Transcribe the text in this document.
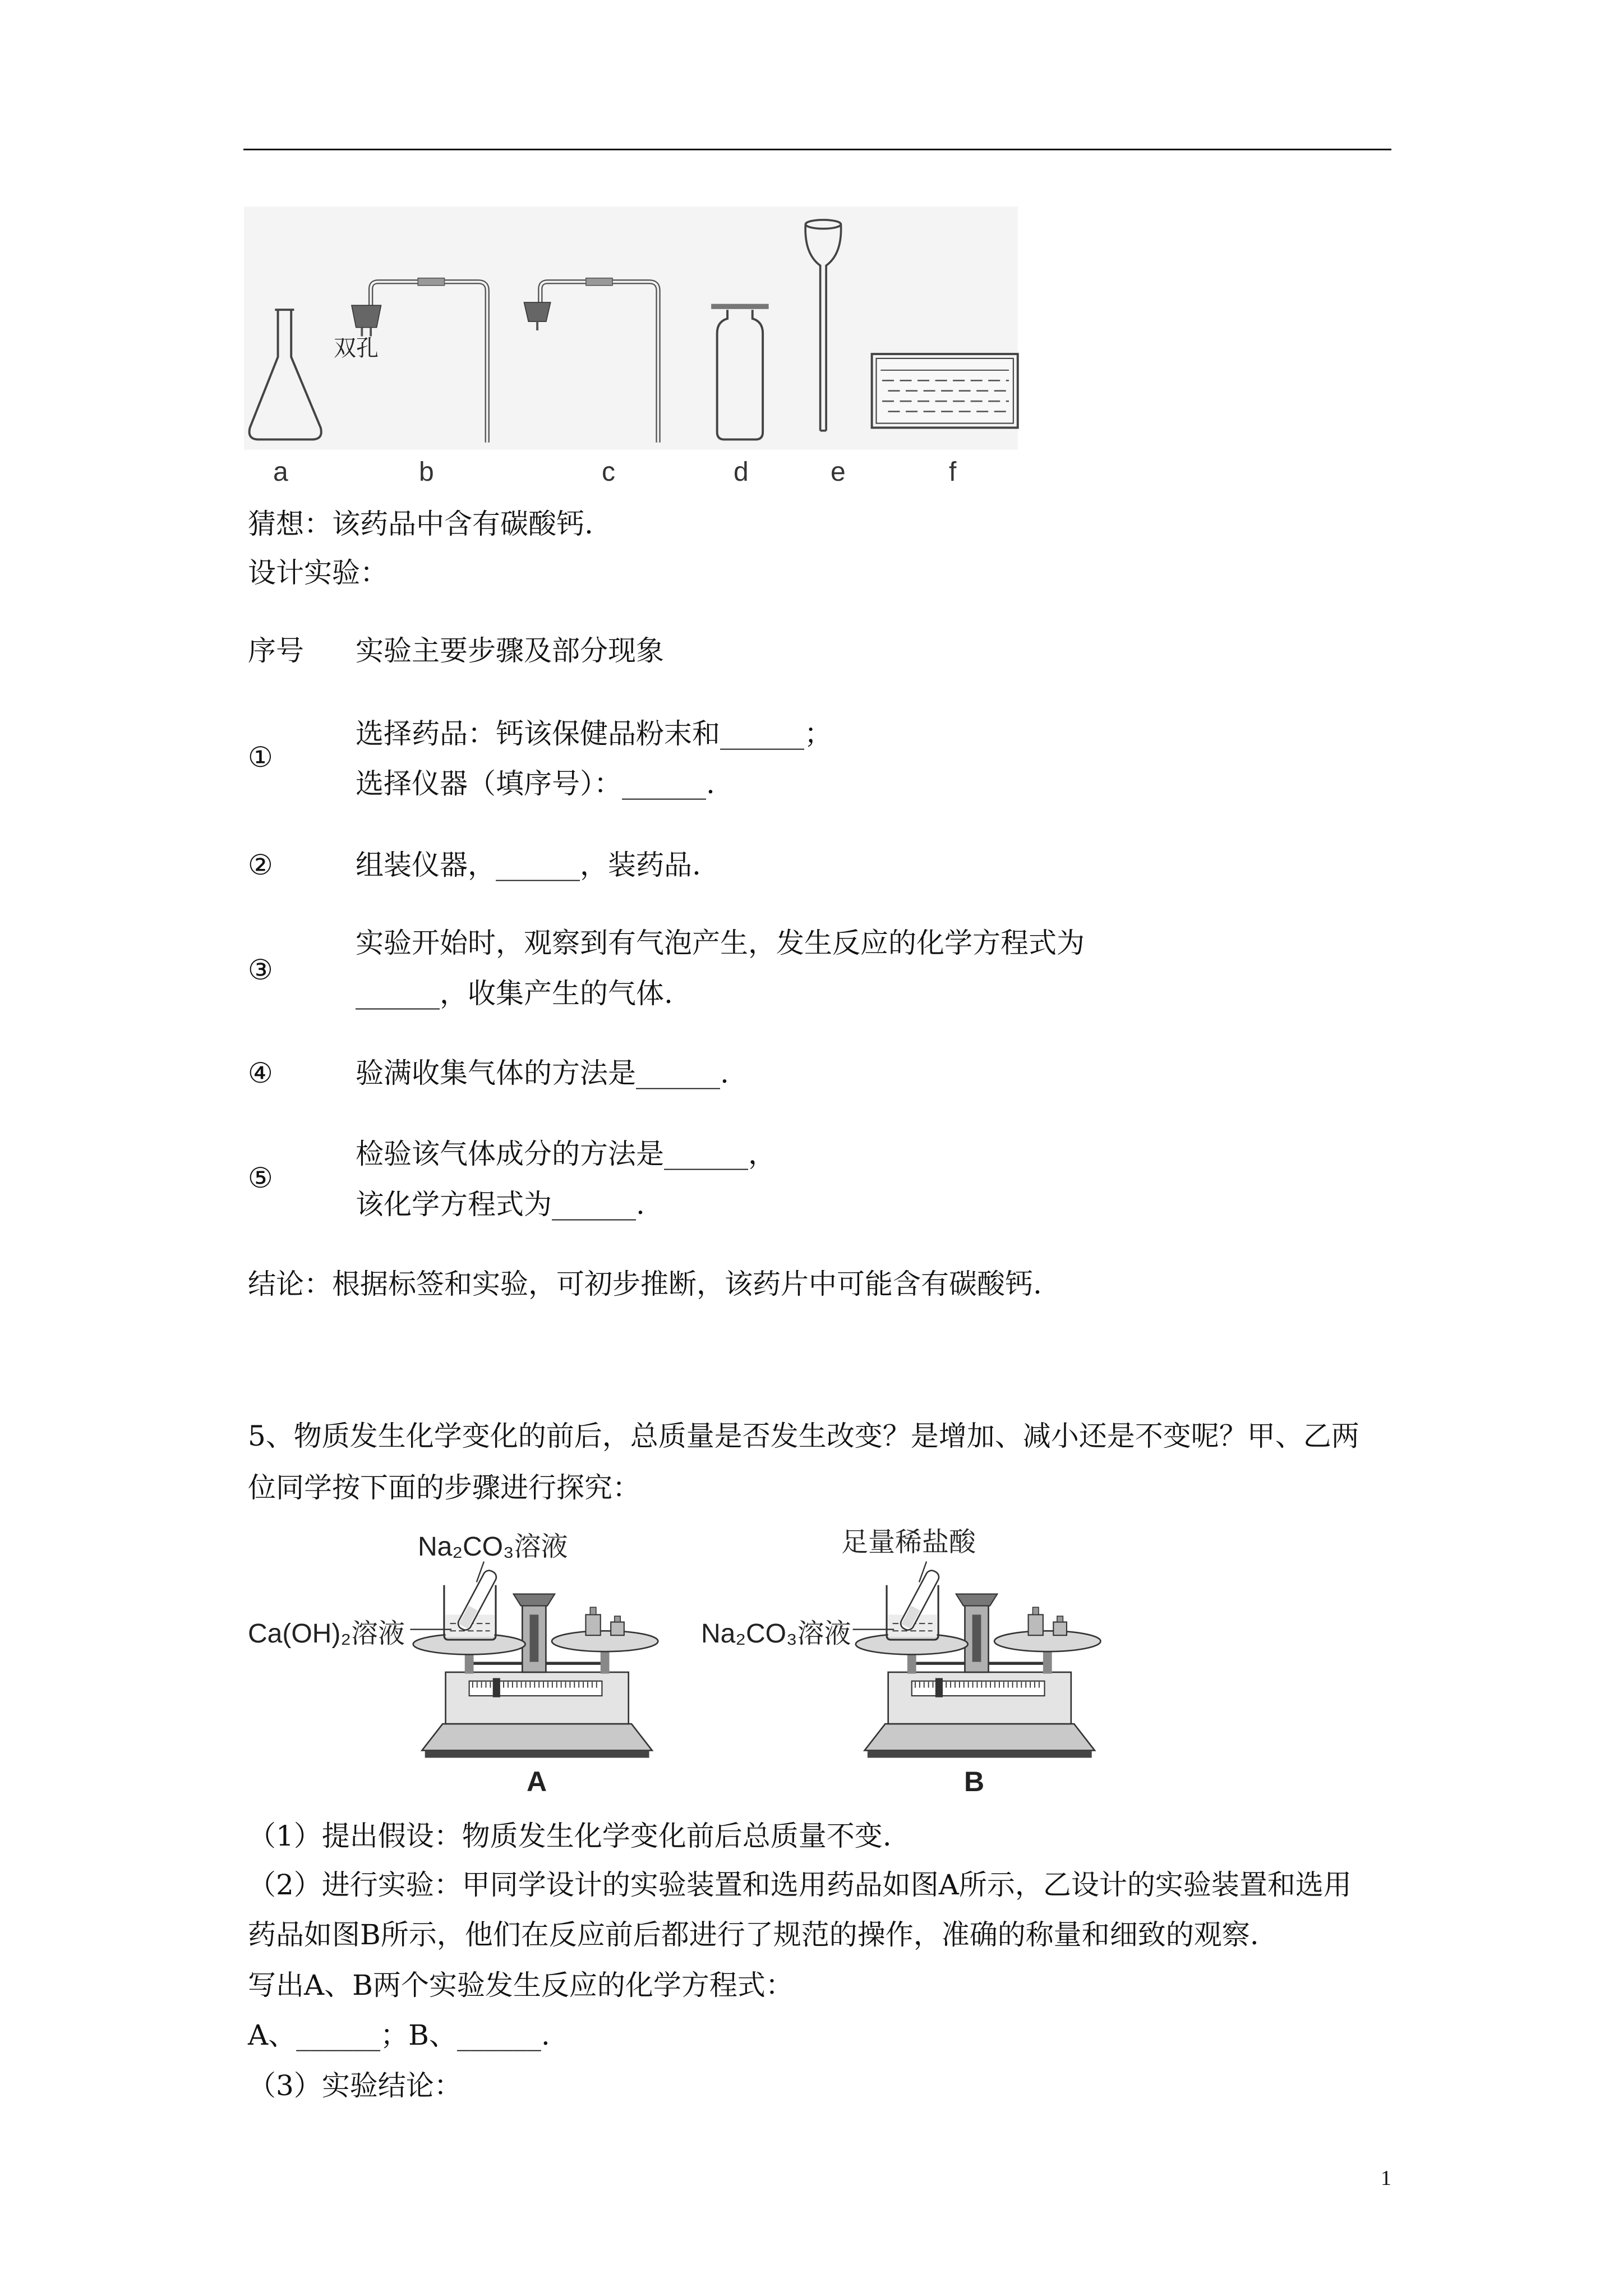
双孔
a	b	c	d	e	f
猜想：该药品中含有碳酸钙.
设计实验：
序号 实验主要步骤及部分现象
①
选择药品：钙该保健品粉末和______；
选择仪器（填序号）：______.
②	组装仪器，______，装药品.
③
实验开始时，观察到有气泡产生，发生反应的化学方程式为
______，收集产生的气体.
④	验满收集气体的方法是______.
⑤
检验该气体成分的方法是______，
该化学方程式为______.
结论：根据标签和实验，可初步推断，该药片中可能含有碳酸钙.
5、物质发生化学变化的前后，总质量是否发生改变？是增加、减小还是不变呢？甲、乙两
位同学按下面的步骤进行探究：
Na₂CO₃溶液
Ca(OH)₂溶液
A
足量稀盐酸
Na₂CO₃溶液
B
（1）提出假设：物质发生化学变化前后总质量不变.
（2）进行实验：甲同学设计的实验装置和选用药品如图A所示，乙设计的实验装置和选用
药品如图B所示，他们在反应前后都进行了规范的操作，准确的称量和细致的观察.
写出A、B两个实验发生反应的化学方程式：
A、______；B、______.
（3）实验结论：
1
